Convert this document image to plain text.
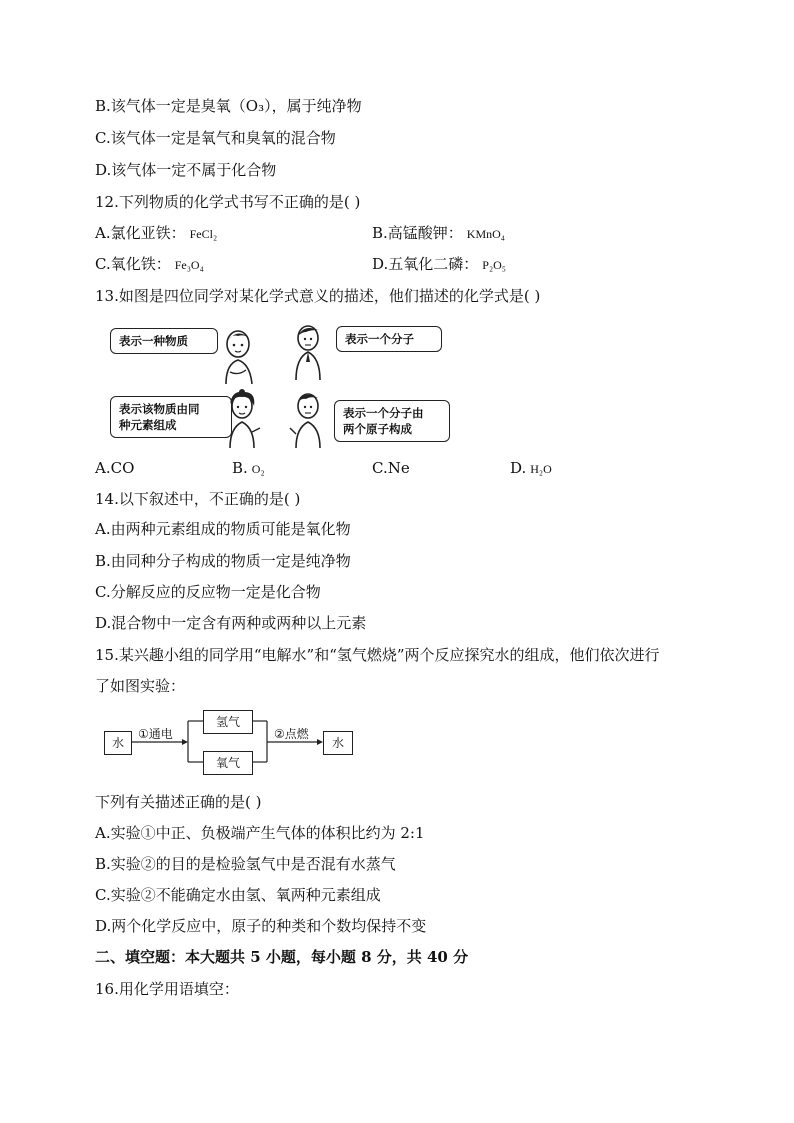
B.该气体一定是臭氧（O₃），属于纯净物
C.该气体一定是氧气和臭氧的混合物
D.该气体一定不属于化合物
12.下列物质的化学式书写不正确的是( )
A.氯化亚铁： FeCl₂	B.高锰酸钾： KMnO₄
C.氧化铁： Fe₃O₄	D.五氧化二磷： P₂O₅
13.如图是四位同学对某化学式意义的描述，他们描述的化学式是( )
表示一种物质	表示一个分子
表示该物质由同
种元素组成
表示一个分子由
两个原子构成
A.CO	B. O₂	C.Ne	D. H₂O
14.以下叙述中，不正确的是( )
A.由两种元素组成的物质可能是氧化物
B.由同种分子构成的物质一定是纯净物
C.分解反应的反应物一定是化合物
D.混合物中一定含有两种或两种以上元素
15.某兴趣小组的同学用“电解水”和“氢气燃烧”两个反应探究水的组成，他们依次进行
了如图实验：
水
①通电
氢气
氧气
②点燃
水
下列有关描述正确的是( )
A.实验①中正、负极端产生气体的体积比约为 2:1
B.实验②的目的是检验氢气中是否混有水蒸气
C.实验②不能确定水由氢、氧两种元素组成
D.两个化学反应中，原子的种类和个数均保持不变
二、填空题：本大题共 5 小题，每小题 8 分，共 40 分
16.用化学用语填空：
